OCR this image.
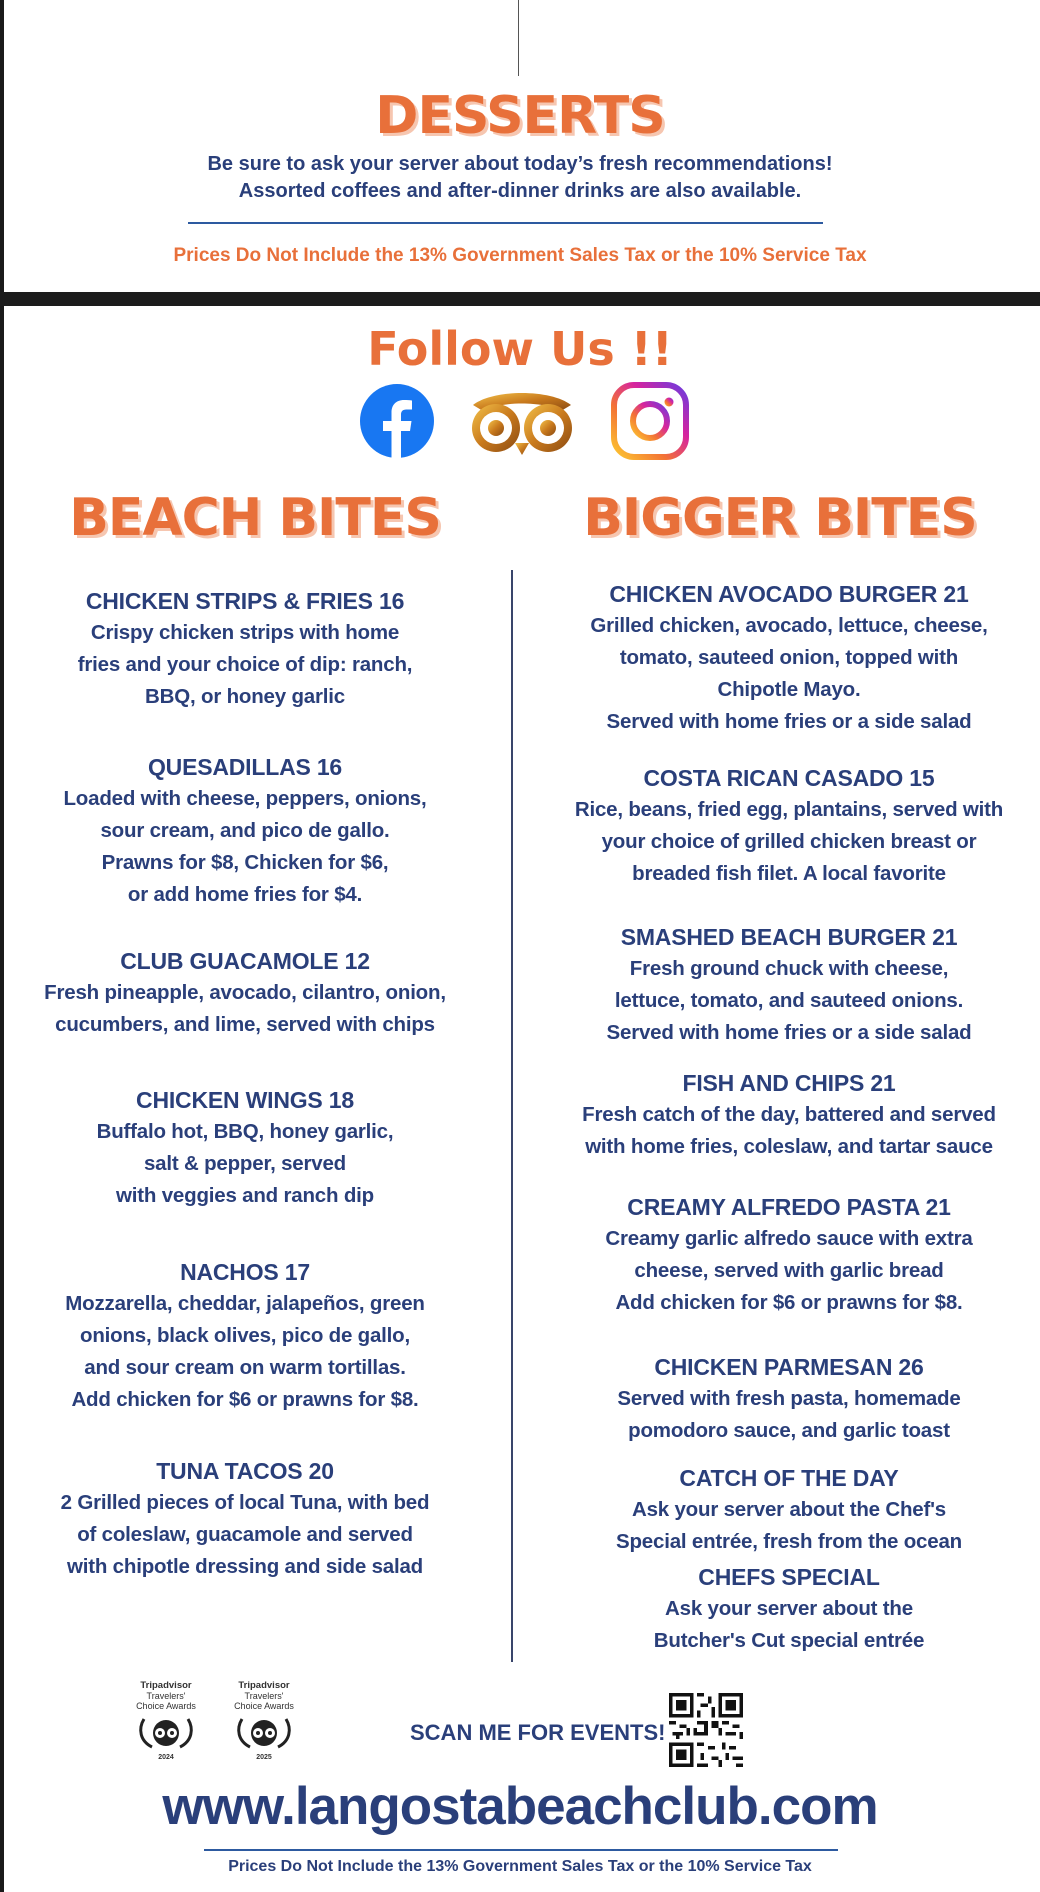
DESSERTS
Be sure to ask your server about today’s fresh recommendations!
Assorted coffees and after-dinner drinks are also available.
Prices Do Not Include the 13% Government Sales Tax or the 10% Service Tax
Follow Us !!
BEACH BITES	BIGGER BITES
CHICKEN STRIPS & FRIES 16
Crispy chicken strips with home
fries and your choice of dip: ranch,
BBQ, or honey garlic
QUESADILLAS 16
Loaded with cheese, peppers, onions,
sour cream, and pico de gallo.
Prawns for $8, Chicken for $6,
or add home fries for $4.
CLUB GUACAMOLE 12
Fresh pineapple, avocado, cilantro, onion,
cucumbers, and lime, served with chips
CHICKEN WINGS 18
Buffalo hot, BBQ, honey garlic,
salt & pepper, served
with veggies and ranch dip
NACHOS 17
Mozzarella, cheddar, jalapeños, green
onions, black olives, pico de gallo,
and sour cream on warm tortillas.
Add chicken for $6 or prawns for $8.
TUNA TACOS 20
2 Grilled pieces of local Tuna, with bed
of coleslaw, guacamole and served
with chipotle dressing and side salad
CHICKEN AVOCADO BURGER 21
Grilled chicken, avocado, lettuce, cheese,
tomato, sauteed onion, topped with
Chipotle Mayo.
Served with home fries or a side salad
COSTA RICAN CASADO 15
Rice, beans, fried egg, plantains, served with
your choice of grilled chicken breast or
breaded fish filet. A local favorite
SMASHED BEACH BURGER 21
Fresh ground chuck with cheese,
lettuce, tomato, and sauteed onions.
Served with home fries or a side salad
FISH AND CHIPS 21
Fresh catch of the day, battered and served
with home fries, coleslaw, and tartar sauce
CREAMY ALFREDO PASTA 21
Creamy garlic alfredo sauce with extra
cheese, served with garlic bread
Add chicken for $6 or prawns for $8.
CHICKEN PARMESAN 26
Served with fresh pasta, homemade
pomodoro sauce, and garlic toast
CATCH OF THE DAY
Ask your server about the Chef's
Special entrée, fresh from the ocean
CHEFS SPECIAL
Ask your server about the
Butcher's Cut special entrée
Tripadvisor
Travelers'
Choice Awards
2024
Tripadvisor
Travelers'
Choice Awards
2025
SCAN ME FOR EVENTS!
www.langostabeachclub.com
Prices Do Not Include the 13% Government Sales Tax or the 10% Service Tax
